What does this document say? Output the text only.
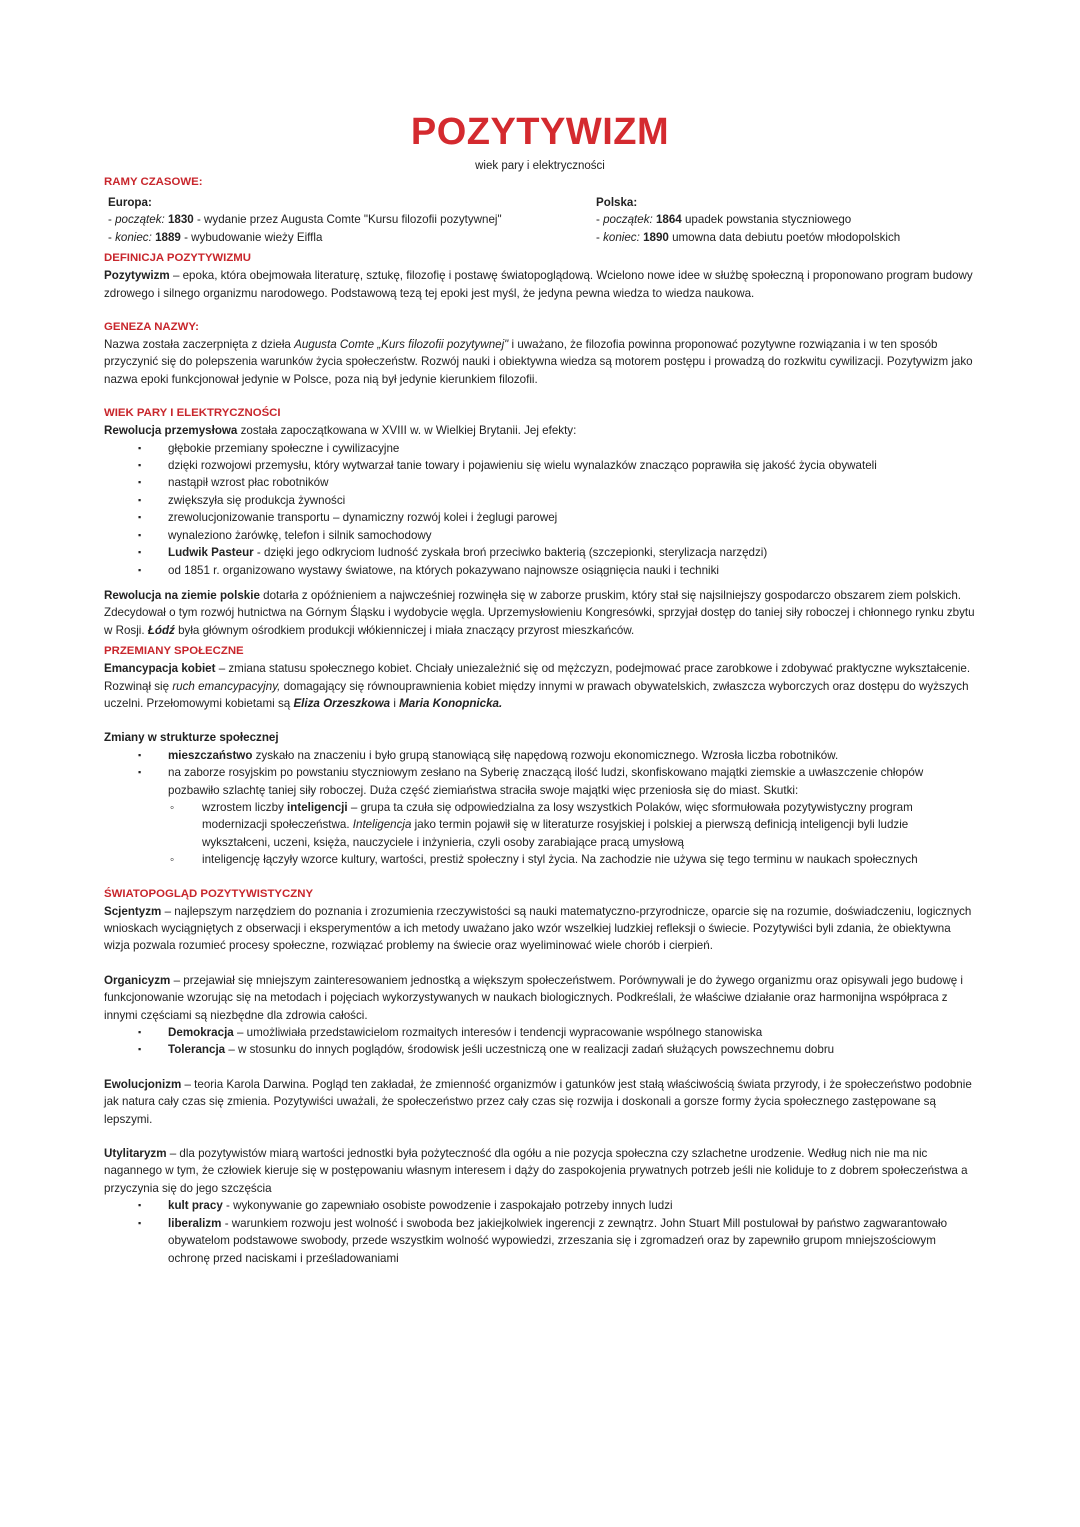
POZYTYWIZM
wiek pary i elektryczności
RAMY CZASOWE:
Europa:
- początek: 1830 - wydanie przez Augusta Comte "Kursu filozofii pozytywnej"
- koniec: 1889 - wybudowanie wieży Eiffla
Polska:
- początek: 1864 upadek powstania styczniowego
- koniec: 1890 umowna data debiutu poetów młodopolskich
DEFINICJA POZYTYWIZMU

Pozytywizm – epoka, która obejmowała literaturę, sztukę, filozofię i postawę światopoglądową. Wcielono nowe idee w służbę społeczną i proponowano program budowy zdrowego i silnego organizmu narodowego. Podstawową tezą tej epoki jest myśl, że jedyna pewna wiedza to wiedza naukowa.

GENEZA NAZWY:

Nazwa została zaczerpnięta z dzieła Augusta Comte „Kurs filozofii pozytywnej" i uważano, że filozofia powinna proponować pozytywne rozwiązania i w ten sposób przyczynić się do polepszenia warunków życia społeczeństw. Rozwój nauki i obiektywna wiedza są motorem postępu i prowadzą do rozkwitu cywilizacji. Pozytywizm jako nazwa epoki funkcjonował jedynie w Polsce, poza nią był jedynie kierunkiem filozofii.

WIEK PARY I ELEKTRYCZNOŚCI

Rewolucja przemysłowa została zapoczątkowana w XVIII w. w Wielkiej Brytanii. Jej efekty:

▪ głębokie przemiany społeczne i cywilizacyjne
▪ dzięki rozwojowi przemysłu, który wytwarzał tanie towary i pojawieniu się wielu wynalazków znacząco poprawiła się jakość życia obywateli
▪ nastąpił wzrost płac robotników
▪ zwiększyła się produkcja żywności
▪ zrewolucjonizowanie transportu – dynamiczny rozwój kolei i żeglugi parowej
▪ wynaleziono żarówkę, telefon i silnik samochodowy
▪ Ludwik Pasteur - dzięki jego odkryciom ludność zyskała broń przeciwko bakterią (szczepionki, sterylizacja narzędzi)
▪ od 1851 r. organizowano wystawy światowe, na których pokazywano najnowsze osiągnięcia nauki i techniki

Rewolucja na ziemie polskie dotarła z opóźnieniem a najwcześniej rozwinęła się w zaborze pruskim, który stał się najsilniejszy gospodarczo obszarem ziem polskich. Zdecydował o tym rozwój hutnictwa na Górnym Śląsku i wydobycie węgla. Uprzemysłowieniu Kongresówki, sprzyjał dostęp do taniej siły roboczej i chłonnego rynku zbytu w Rosji. Łódź była głównym ośrodkiem produkcji włókienniczej i miała znaczący przyrost mieszkańców.

PRZEMIANY SPOŁECZNE

Emancypacja kobiet – zmiana statusu społecznego kobiet. Chciały uniezależnić się od mężczyzn, podejmować prace zarobkowe i zdobywać praktyczne wykształcenie. Rozwinął się ruch emancypacyjny, domagający się równouprawnienia kobiet między innymi w prawach obywatelskich, zwłaszcza wyborczych oraz dostępu do wyższych uczelni. Przełomowymi kobietami są Eliza Orzeszkowa i Maria Konopnicka.

Zmiany w strukturze społecznej

▪ mieszczaństwo zyskało na znaczeniu i było grupą stanowiącą siłę napędową rozwoju ekonomicznego. Wzrosła liczba robotników.
▪ na zaborze rosyjskim po powstaniu styczniowym zesłano na Syberię znaczącą ilość ludzi, skonfiskowano majątki ziemskie a uwłaszczenie chłopów pozbawiło szlachtę taniej siły roboczej. Duża część ziemiaństwa straciła swoje majątki więc przeniosła się do miast. Skutki:
◦ wzrostem liczby inteligencji – grupa ta czuła się odpowiedzialna za losy wszystkich Polaków, więc sformułowała pozytywistyczny program modernizacji społeczeństwa. Inteligencja jako termin pojawił się w literaturze rosyjskiej i polskiej a pierwszą definicją inteligencji byli ludzie wykształceni, uczeni, księża, nauczyciele i inżynieria, czyli osoby zarabiające pracą umysłową
◦ inteligencję łączyły wzorce kultury, wartości, prestiż społeczny i styl życia. Na zachodzie nie używa się tego terminu w naukach społecznych
ŚWIATOPOGLĄD POZYTYWISTYCZNY

Scjentyzm – najlepszym narzędziem do poznania i zrozumienia rzeczywistości są nauki matematyczno-przyrodnicze, oparcie się na rozumie, doświadczeniu, logicznych wnioskach wyciągniętych z obserwacji i eksperymentów a ich metody uważano jako wzór wszelkiej ludzkiej refleksji o świecie. Pozytywiści byli zdania, że obiektywna wizja pozwala rozumieć procesy społeczne, rozwiązać problemy na świecie oraz wyeliminować wiele chorób i cierpień.

Organicyzm – przejawiał się mniejszym zainteresowaniem jednostką a większym społeczeństwem. Porównywali je do żywego organizmu oraz opisywali jego budowę i funkcjonowanie wzorując się na metodach i pojęciach wykorzystywanych w naukach biologicznych. Podkreślali, że właściwe działanie oraz harmonijna współpraca z innymi częściami są niezbędne dla zdrowia całości.

▪ Demokracja – umożliwiała przedstawicielom rozmaitych interesów i tendencji wypracowanie wspólnego stanowiska
▪ Tolerancja – w stosunku do innych poglądów, środowisk jeśli uczestniczą one w realizacji zadań służących powszechnemu dobru

Ewolucjonizm – teoria Karola Darwina. Pogląd ten zakładał, że zmienność organizmów i gatunków jest stałą właściwością świata przyrody, i że społeczeństwo podobnie jak natura cały czas się zmienia. Pozytywiści uważali, że społeczeństwo przez cały czas się rozwija i doskonali a gorsze formy życia społecznego zastępowane są lepszymi.

Utylitaryzm – dla pozytywistów miarą wartości jednostki była pożyteczność dla ogółu a nie pozycja społeczna czy szlachetne urodzenie. Według nich nie ma nic nagannego w tym, że człowiek kieruje się w postępowaniu własnym interesem i dąży do zaspokojenia prywatnych potrzeb jeśli nie koliduje to z dobrem społeczeństwa a przyczynia się do jego szczęścia

▪ kult pracy - wykonywanie go zapewniało osobiste powodzenie i zaspokajało potrzeby innych ludzi
▪ liberalizm - warunkiem rozwoju jest wolność i swoboda bez jakiejkolwiek ingerencji z zewnątrz. John Stuart Mill postulował by państwo zagwarantowało obywatelom podstawowe swobody, przede wszystkim wolność wypowiedzi, zrzeszania się i zgromadzeń oraz by zapewniło grupom mniejszościowym ochronę przed naciskami i prześladowaniami
